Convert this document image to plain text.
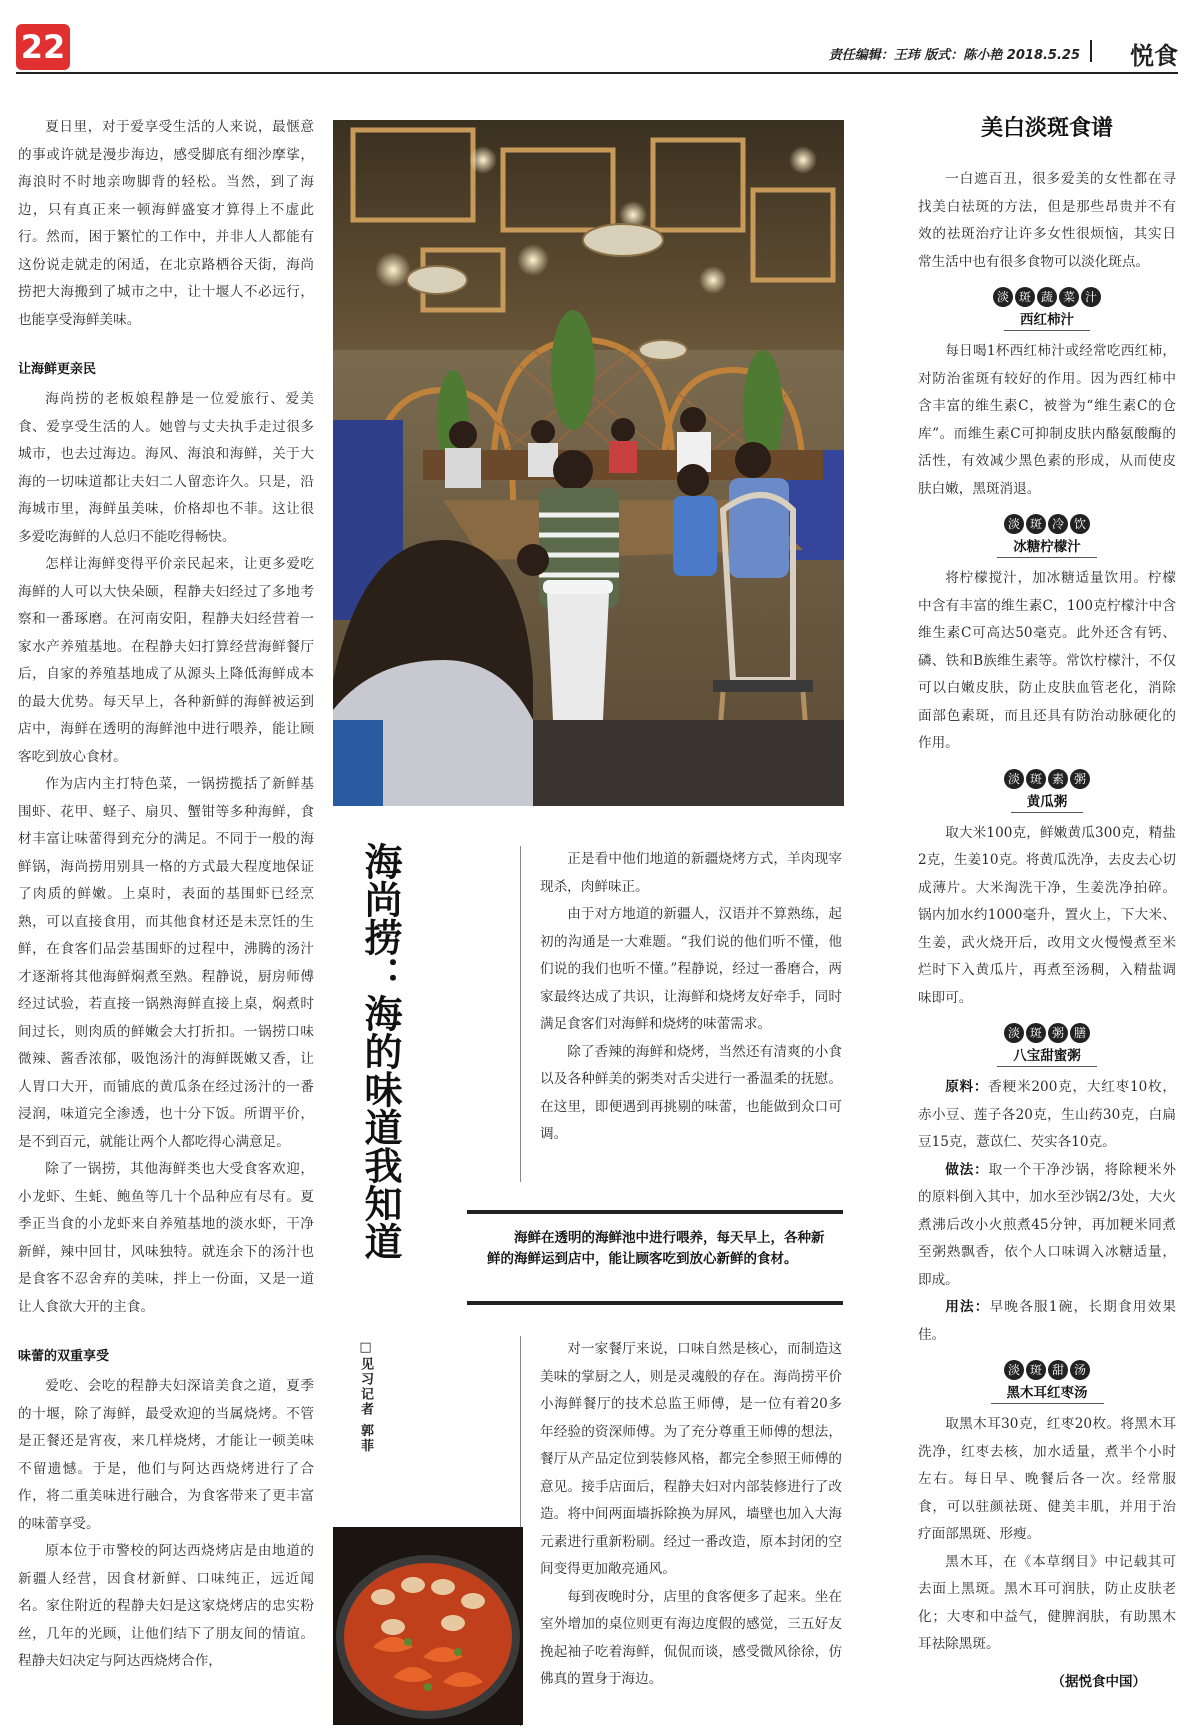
22	责任编辑：王玮 版式：陈小艳 2018.5.25 悦食

夏日里，对于爱享受生活的人来说，最惬意的事或许就是漫步海边，感受脚底有细沙摩挲，海浪时不时地亲吻脚背的轻松。当然，到了海边，只有真正来一顿海鲜盛宴才算得上不虚此行。然而，困于繁忙的工作中，并非人人都能有这份说走就走的闲适，在北京路栖谷天街，海尚捞把大海搬到了城市之中，让十堰人不必远行，也能享受海鲜美味。

让海鲜更亲民

海尚捞的老板娘程静是一位爱旅行、爱美食、爱享受生活的人。她曾与丈夫执手走过很多城市，也去过海边。海风、海浪和海鲜，关于大海的一切味道都让夫妇二人留恋许久。只是，沿海城市里，海鲜虽美味，价格却也不菲。这让很多爱吃海鲜的人总归不能吃得畅快。

怎样让海鲜变得平价亲民起来，让更多爱吃海鲜的人可以大快朵颐，程静夫妇经过了多地考察和一番琢磨。在河南安阳，程静夫妇经营着一家水产养殖基地。在程静夫妇打算经营海鲜餐厅后，自家的养殖基地成了从源头上降低海鲜成本的最大优势。每天早上，各种新鲜的海鲜被运到店中，海鲜在透明的海鲜池中进行喂养，能让顾客吃到放心食材。

作为店内主打特色菜，一锅捞揽括了新鲜基围虾、花甲、蛏子、扇贝、蟹钳等多种海鲜，食材丰富让味蕾得到充分的满足。不同于一般的海鲜锅，海尚捞用别具一格的方式最大程度地保证了肉质的鲜嫩。上桌时，表面的基围虾已经烹熟，可以直接食用，而其他食材还是未烹饪的生鲜，在食客们品尝基围虾的过程中，沸腾的汤汁才逐渐将其他海鲜焖煮至熟。程静说，厨房师傅经过试验，若直接一锅熟海鲜直接上桌，焖煮时间过长，则肉质的鲜嫩会大打折扣。一锅捞口味微辣、酱香浓郁，吸饱汤汁的海鲜既嫩又香，让人胃口大开，而铺底的黄瓜条在经过汤汁的一番浸润，味道完全渗透，也十分下饭。所谓平价，是不到百元，就能让两个人都吃得心满意足。

除了一锅捞，其他海鲜类也大受食客欢迎，小龙虾、生蚝、鲍鱼等几十个品种应有尽有。夏季正当食的小龙虾来自养殖基地的淡水虾，干净新鲜，辣中回甘，风味独特。就连余下的汤汁也是食客不忍舍弃的美味，拌上一份面，又是一道让人食欲大开的主食。

味蕾的双重享受

爱吃、会吃的程静夫妇深谙美食之道，夏季的十堰，除了海鲜，最受欢迎的当属烧烤。不管是正餐还是宵夜，来几样烧烤，才能让一顿美味不留遗憾。于是，他们与阿达西烧烤进行了合作，将二重美味进行融合，为食客带来了更丰富的味蕾享受。

原本位于市警校的阿达西烧烤店是由地道的新疆人经营，因食材新鲜、口味纯正，远近闻名。家住附近的程静夫妇是这家烧烤店的忠实粉丝，几年的光顾，让他们结下了朋友间的情谊。程静夫妇决定与阿达西烧烤合作，

海尚捞：海的味道我知道	正是看中他们地道的新疆烧烤方式，羊肉现宰现杀，肉鲜味正。

由于对方地道的新疆人，汉语并不算熟练，起初的沟通是一大难题。“我们说的他们听不懂，他们说的我们也听不懂。”程静说，经过一番磨合，两家最终达成了共识，让海鲜和烧烤友好牵手，同时满足食客们对海鲜和烧烤的味蕾需求。

除了香辣的海鲜和烧烤，当然还有清爽的小食以及各种鲜美的粥类对舌尖进行一番温柔的抚慰。在这里，即便遇到再挑剔的味蕾，也能做到众口可调。

海鲜在透明的海鲜池中进行喂养，每天早上，各种新鲜的海鲜运到店中，能让顾客吃到放心新鲜的食材。
□见习记者 郭菲	对一家餐厅来说，口味自然是核心，而制造这美味的掌厨之人，则是灵魂般的存在。海尚捞平价小海鲜餐厅的技术总监王师傅，是一位有着20多年经验的资深师傅。为了充分尊重王师傅的想法，餐厅从产品定位到装修风格，都完全参照王师傅的意见。接手店面后，程静夫妇对内部装修进行了改造。将中间两面墙拆除换为屏风，墙壁也加入大海元素进行重新粉刷。经过一番改造，原本封闭的空间变得更加敞亮通风。

每到夜晚时分，店里的食客便多了起来。坐在室外增加的桌位则更有海边度假的感觉，三五好友挽起袖子吃着海鲜，侃侃而谈，感受微风徐徐，仿佛真的置身于海边。

美白淡斑食谱

一白遮百丑，很多爱美的女性都在寻找美白祛斑的方法，但是那些昂贵并不有效的祛斑治疗让许多女性很烦恼，其实日常生活中也有很多食物可以淡化斑点。

淡 斑 蔬 菜 汁
西红柿汁

每日喝1杯西红柿汁或经常吃西红柿，对防治雀斑有较好的作用。因为西红柿中含丰富的维生素C，被誉为“维生素C的仓库”。而维生素C可抑制皮肤内酪氨酸酶的活性，有效减少黑色素的形成，从而使皮肤白嫩，黑斑消退。

淡 斑 冷 饮
冰糖柠檬汁

将柠檬搅汁，加冰糖适量饮用。柠檬中含有丰富的维生素C，100克柠檬汁中含维生素C可高达50毫克。此外还含有钙、磷、铁和B族维生素等。常饮柠檬汁，不仅可以白嫩皮肤，防止皮肤血管老化，消除面部色素斑，而且还具有防治动脉硬化的作用。

淡 斑 素 粥
黄瓜粥

取大米100克，鲜嫩黄瓜300克，精盐2克，生姜10克。将黄瓜洗净，去皮去心切成薄片。大米淘洗干净，生姜洗净拍碎。锅内加水约1000毫升，置火上，下大米、生姜，武火烧开后，改用文火慢慢煮至米烂时下入黄瓜片，再煮至汤稠，入精盐调味即可。

淡 斑 粥 膳
八宝甜蜜粥

原料：香粳米200克，大红枣10枚，赤小豆、莲子各20克，生山药30克，白扁豆15克，薏苡仁、芡实各10克。

做法：取一个干净沙锅，将除粳米外的原料倒入其中，加水至沙锅2/3处，大火煮沸后改小火煎煮45分钟，再加粳米同煮至粥熟飘香，依个人口味调入冰糖适量，即成。

用法：早晚各服1碗，长期食用效果佳。

淡 斑 甜 汤
黑木耳红枣汤

取黑木耳30克，红枣20枚。将黑木耳洗净，红枣去核，加水适量，煮半个小时左右。每日早、晚餐后各一次。经常服食，可以驻颜祛斑、健美丰肌，并用于治疗面部黑斑、形瘦。

黑木耳，在《本草纲目》中记载其可去面上黑斑。黑木耳可润肤，防止皮肤老化；大枣和中益气，健脾润肤，有助黑木耳祛除黑斑。

（据悦食中国）
